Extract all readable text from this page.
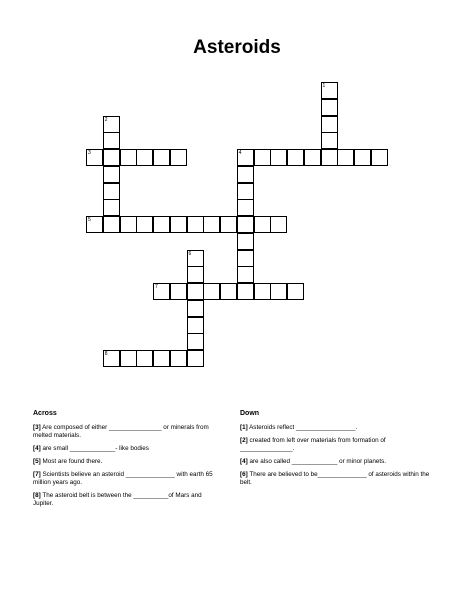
Asteroids
1
2
3	4
5
6
7
8
Across
[3] Are composed of either _______________ or minerals from melted materials.
[4] are small _____________- like bodies
[5] Most are found there.
[7] Scientists believe an asteroid ______________ with earth 65 million years ago.
[8] The asteroid belt is between the __________of Mars and Jupiter.
Down
[1] Asteroids reflect _________________.
[2] created from left over materials from formation of _______________.
[4] are also called _____________ or minor planets.
[6] There are believed to be______________ of asteroids within the belt.
